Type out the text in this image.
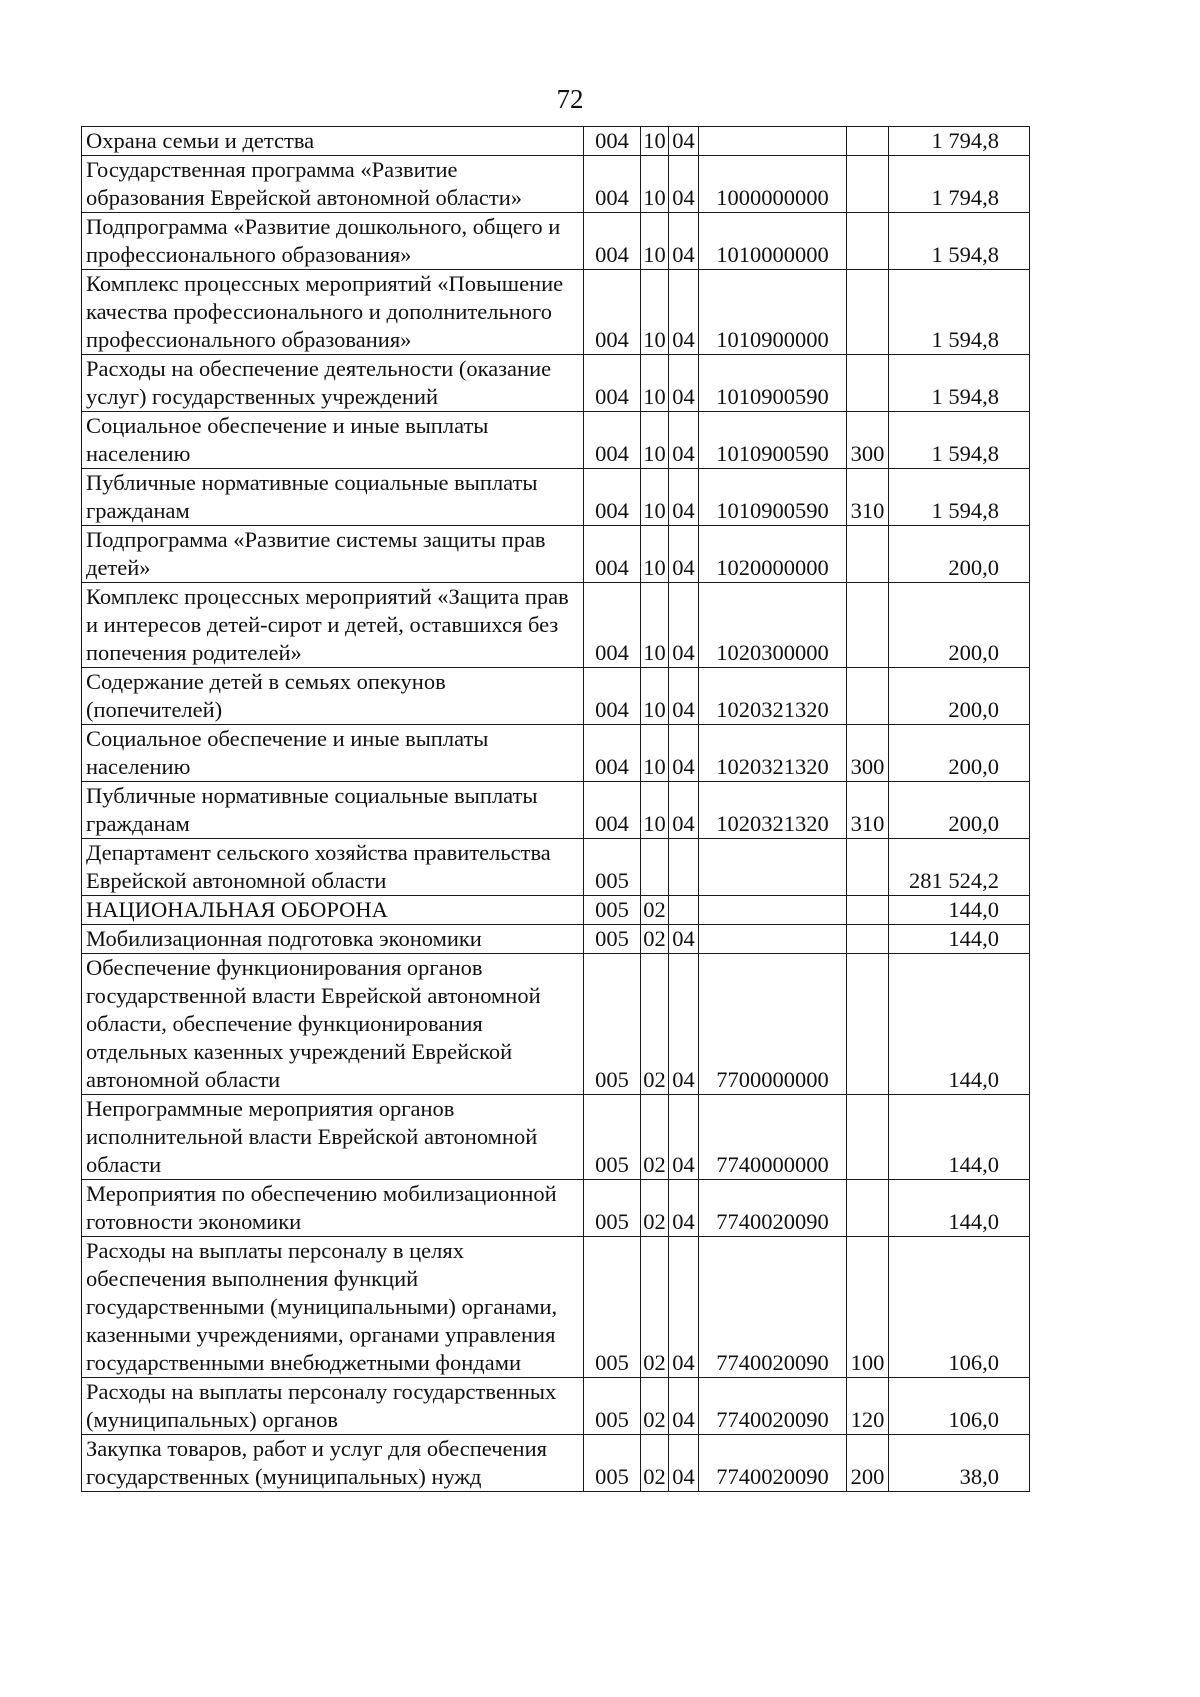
72
Охрана семьи и детства	004	10	04			1 794,8
Государственная программа «Развитие образования Еврейской автономной области»	004	10	04	1000000000		1 794,8
Подпрограмма «Развитие дошкольного, общего и профессионального образования»	004	10	04	1010000000		1 594,8
Комплекс процессных мероприятий «Повышение качества профессионального и дополнительного профессионального образования»	004	10	04	1010900000		1 594,8
Расходы на обеспечение деятельности (оказание услуг) государственных учреждений	004	10	04	1010900590		1 594,8
Социальное обеспечение и иные выплаты населению	004	10	04	1010900590	300	1 594,8
Публичные нормативные социальные выплаты гражданам	004	10	04	1010900590	310	1 594,8
Подпрограмма «Развитие системы защиты прав детей»	004	10	04	1020000000		200,0
Комплекс процессных мероприятий «Защита прав и интересов детей-сирот и детей, оставшихся без попечения родителей»	004	10	04	1020300000		200,0
Содержание детей в семьях опекунов (попечителей)	004	10	04	1020321320		200,0
Социальное обеспечение и иные выплаты населению	004	10	04	1020321320	300	200,0
Публичные нормативные социальные выплаты гражданам	004	10	04	1020321320	310	200,0
Департамент сельского хозяйства правительства Еврейской автономной области	005					281 524,2
НАЦИОНАЛЬНАЯ ОБОРОНА	005	02				144,0
Мобилизационная подготовка экономики	005	02	04			144,0
Обеспечение функционирования органов государственной власти Еврейской автономной области, обеспечение функционирования отдельных казенных учреждений Еврейской автономной области	005	02	04	7700000000		144,0
Непрограммные мероприятия органов исполнительной власти Еврейской автономной области	005	02	04	7740000000		144,0
Мероприятия по обеспечению мобилизационной готовности экономики	005	02	04	7740020090		144,0
Расходы на выплаты персоналу в целях обеспечения выполнения функций государственными (муниципальными) органами, казенными учреждениями, органами управления государственными внебюджетными фондами	005	02	04	7740020090	100	106,0
Расходы на выплаты персоналу государственных (муниципальных) органов	005	02	04	7740020090	120	106,0
Закупка товаров, работ и услуг для обеспечения государственных (муниципальных) нужд	005	02	04	7740020090	200	38,0
